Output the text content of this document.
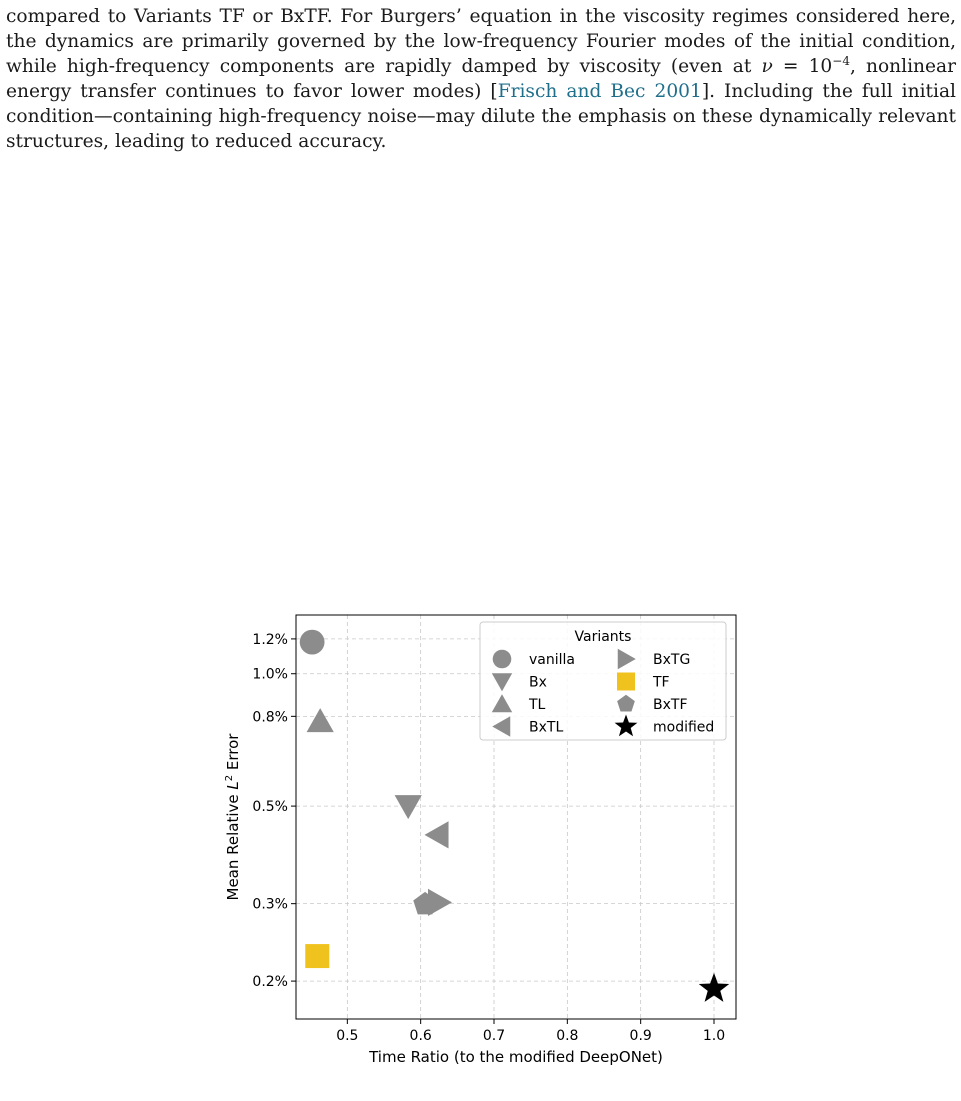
compared to Variants TF or BxTF. For Burgers’ equation in the viscosity regimes considered here, the dynamics are primarily governed by the low-frequency Fourier modes of the initial condition, while high-frequency components are rapidly damped by viscosity (even at $\nu = 10^{-4}$, nonlinear energy transfer continues to favor lower modes) [Frisch and Bec 2001]. Including the full initial condition—containing high-frequency noise—may dilute the emphasis on these dynamically relevant structures, leading to reduced accuracy.

0.5	0.6	0.7	0.8	0.9	1.0
0.2%
0.3%
0.5%
0.8%
1.0%
1.2%
Time Ratio (to the modified DeepONet)
Mean Relative $L^2$ Error
Variants
vanilla
Bx
TL
BxTL
BxTG
TF
BxTF
modified
